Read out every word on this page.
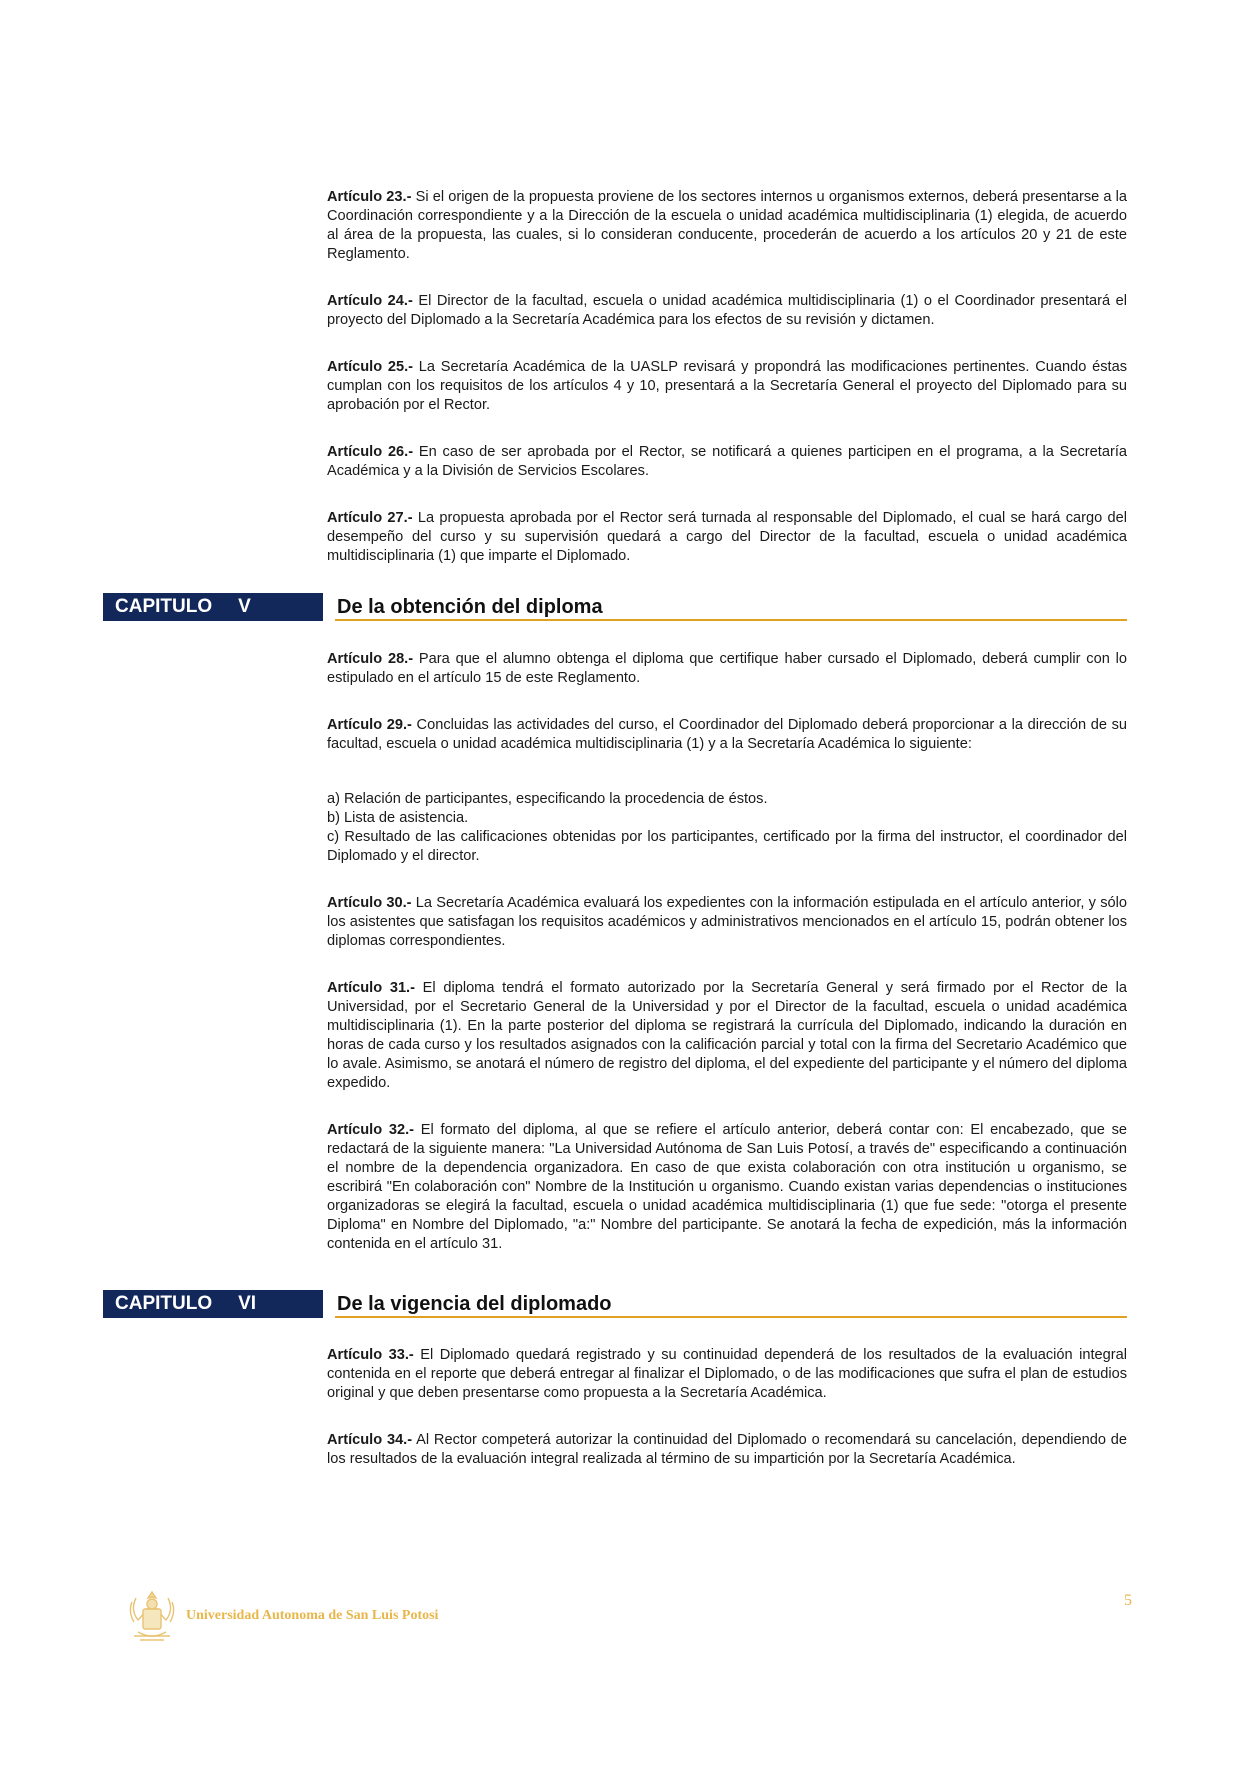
Artículo 23.- Si el origen de la propuesta proviene de los sectores internos u organismos externos, deberá presentarse a la Coordinación correspondiente y a la Dirección de la escuela o unidad académica multidisciplinaria (1) elegida, de acuerdo al área de la propuesta, las cuales, si lo consideran conducente, procederán de acuerdo a los artículos 20 y 21 de este Reglamento.

Artículo 24.- El Director de la facultad, escuela o unidad académica multidisciplinaria (1) o el Coordinador presentará el proyecto del Diplomado a la Secretaría Académica para los efectos de su revisión y dictamen.

Artículo 25.- La Secretaría Académica de la UASLP revisará y propondrá las modificaciones pertinentes. Cuando éstas cumplan con los requisitos de los artículos 4 y 10, presentará a la Secretaría General el proyecto del Diplomado para su aprobación por el Rector.

Artículo 26.- En caso de ser aprobada por el Rector, se notificará a quienes participen en el programa, a la Secretaría Académica y a la División de Servicios Escolares.

Artículo 27.- La propuesta aprobada por el Rector será turnada al responsable del Diplomado, el cual se hará cargo del desempeño del curso y su supervisión quedará a cargo del Director de la facultad, escuela o unidad académica multidisciplinaria (1) que imparte el Diplomado.

CAPITULO V	De la obtención del diploma

Artículo 28.- Para que el alumno obtenga el diploma que certifique haber cursado el Diplomado, deberá cumplir con lo estipulado en el artículo 15 de este Reglamento.

Artículo 29.- Concluidas las actividades del curso, el Coordinador del Diplomado deberá proporcionar a la dirección de su facultad, escuela o unidad académica multidisciplinaria (1) y a la Secretaría Académica lo siguiente:

a) Relación de participantes, especificando la procedencia de éstos.
b) Lista de asistencia.
c) Resultado de las calificaciones obtenidas por los participantes, certificado por la firma del instructor, el coordinador del Diplomado y el director.

Artículo 30.- La Secretaría Académica evaluará los expedientes con la información estipulada en el artículo anterior, y sólo los asistentes que satisfagan los requisitos académicos y administrativos mencionados en el artículo 15, podrán obtener los diplomas correspondientes.

Artículo 31.- El diploma tendrá el formato autorizado por la Secretaría General y será firmado por el Rector de la Universidad, por el Secretario General de la Universidad y por el Director de la facultad, escuela o unidad académica multidisciplinaria (1). En la parte posterior del diploma se registrará la currícula del Diplomado, indicando la duración en horas de cada curso y los resultados asignados con la calificación parcial y total con la firma del Secretario Académico que lo avale. Asimismo, se anotará el número de registro del diploma, el del expediente del participante y el número del diploma expedido.

Artículo 32.- El formato del diploma, al que se refiere el artículo anterior, deberá contar con: El encabezado, que se redactará de la siguiente manera: "La Universidad Autónoma de San Luis Potosí, a través de" especificando a continuación el nombre de la dependencia organizadora. En caso de que exista colaboración con otra institución u organismo, se escribirá "En colaboración con" Nombre de la Institución u organismo. Cuando existan varias dependencias o instituciones organizadoras se elegirá la facultad, escuela o unidad académica multidisciplinaria (1) que fue sede: "otorga el presente Diploma" en Nombre del Diplomado, "a:" Nombre del participante. Se anotará la fecha de expedición, más la información contenida en el artículo 31.

CAPITULO VI	De la vigencia del diplomado

Artículo 33.- El Diplomado quedará registrado y su continuidad dependerá de los resultados de la evaluación integral contenida en el reporte que deberá entregar al finalizar el Diplomado, o de las modificaciones que sufra el plan de estudios original y que deben presentarse como propuesta a la Secretaría Académica.

Artículo 34.- Al Rector competerá autorizar la continuidad del Diplomado o recomendará su cancelación, dependiendo de los resultados de la evaluación integral realizada al término de su impartición por la Secretaría Académica.

Universidad Autonoma de San Luis Potosi
5
